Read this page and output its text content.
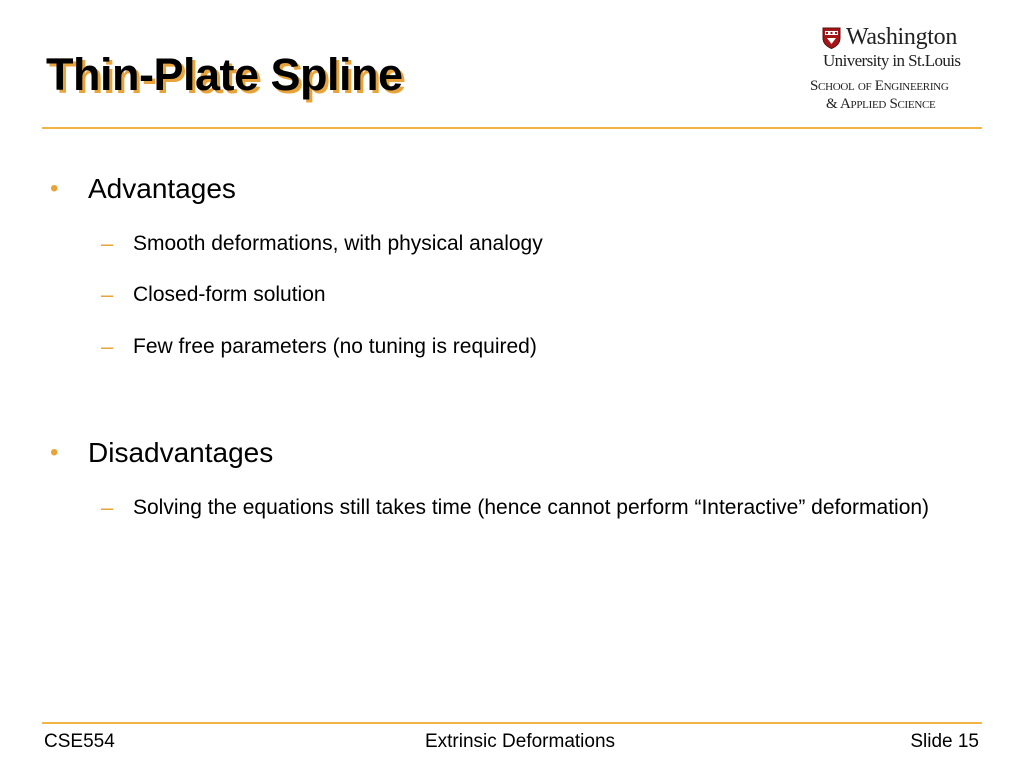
Thin-Plate Spline
Washington
University in St.Louis
School of Engineering
& Applied Science
• Advantages
– Smooth deformations, with physical analogy
– Closed-form solution
– Few free parameters (no tuning is required)
• Disadvantages
– Solving the equations still takes time (hence cannot perform “Interactive” deformation)
CSE554	Extrinsic Deformations	Slide 15
